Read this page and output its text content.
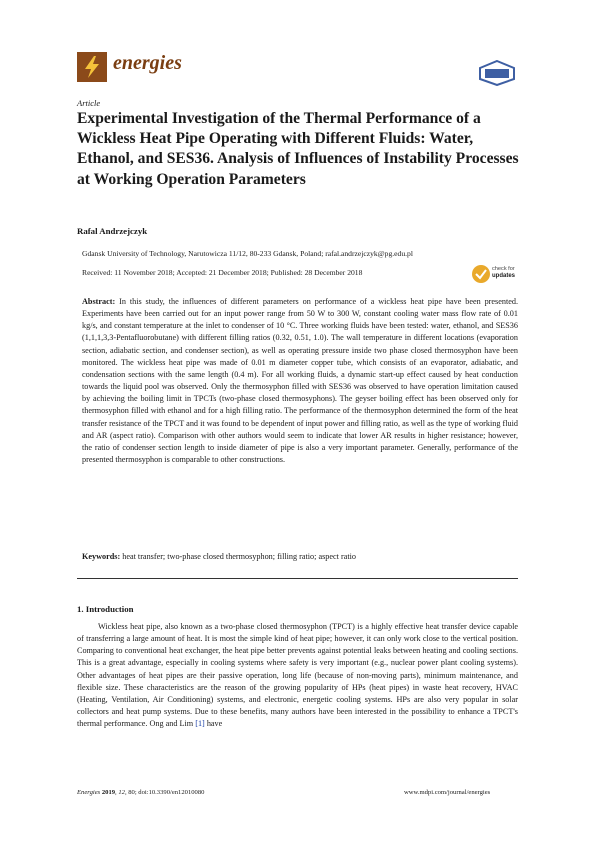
energies
Article
Experimental Investigation of the Thermal Performance of a Wickless Heat Pipe Operating with Different Fluids: Water, Ethanol, and SES36. Analysis of Influences of Instability Processes at Working Operation Parameters
Rafal Andrzejczyk
Gdansk University of Technology, Narutowicza 11/12, 80-233 Gdansk, Poland; rafal.andrzejczyk@pg.edu.pl
Received: 11 November 2018; Accepted: 21 December 2018; Published: 28 December 2018	check for
updates
Abstract: In this study, the influences of different parameters on performance of a wickless heat pipe have been presented. Experiments have been carried out for an input power range from 50 W to 300 W, constant cooling water mass flow rate of 0.01 kg/s, and constant temperature at the inlet to condenser of 10 °C. Three working fluids have been tested: water, ethanol, and SES36 (1,1,1,3,3-Pentafluorobutane) with different filling ratios (0.32, 0.51, 1.0). The wall temperature in different locations (evaporation section, adiabatic section, and condenser section), as well as operating pressure inside two phase closed thermosyphon have been monitored. The wickless heat pipe was made of 0.01 m diameter copper tube, which consists of an evaporator, adiabatic, and condensation sections with the same length (0.4 m). For all working fluids, a dynamic start-up effect caused by heat conduction towards the liquid pool was observed. Only the thermosyphon filled with SES36 was observed to have operation limitation caused by achieving the boiling limit in TPCTs (two-phase closed thermosyphons). The geyser boiling effect has been observed only for thermosyphon filled with ethanol and for a high filling ratio. The performance of the thermosyphon determined the form of the heat transfer resistance of the TPCT and it was found to be dependent of input power and filling ratio, as well as the type of working fluid and AR (aspect ratio). Comparison with other authors would seem to indicate that lower AR results in higher resistance; however, the ratio of condenser section length to inside diameter of pipe is also a very important parameter. Generally, performance of the presented thermosyphon is comparable to other constructions.
Keywords: heat transfer; two-phase closed thermosyphon; filling ratio; aspect ratio
1. Introduction

Wickless heat pipe, also known as a two-phase closed thermosyphon (TPCT) is a highly effective heat transfer device capable of transferring a large amount of heat. It is most the simple kind of heat pipe; however, it can only work close to the vertical position. Comparing to conventional heat exchanger, the heat pipe better prevents against potential leaks between heating and cooling sections. This is a great advantage, especially in cooling systems where safety is very important (e.g., nuclear power plant cooling systems). Other advantages of heat pipes are their passive operation, long life (because of non-moving parts), minimum maintenance, and flexible size. These characteristics are the reason of the growing popularity of HPs (heat pipes) in waste heat recovery, HVAC (Heating, Ventilation, Air Conditioning) systems, and electronic, energetic cooling systems. HPs are also very popular in solar collectors and heat pump systems. Due to these benefits, many authors have been interested in the possibility to enhance a TPCT's thermal performance. Ong and Lim [1] have

Energies 2019, 12, 80; doi:10.3390/en12010080	www.mdpi.com/journal/energies
